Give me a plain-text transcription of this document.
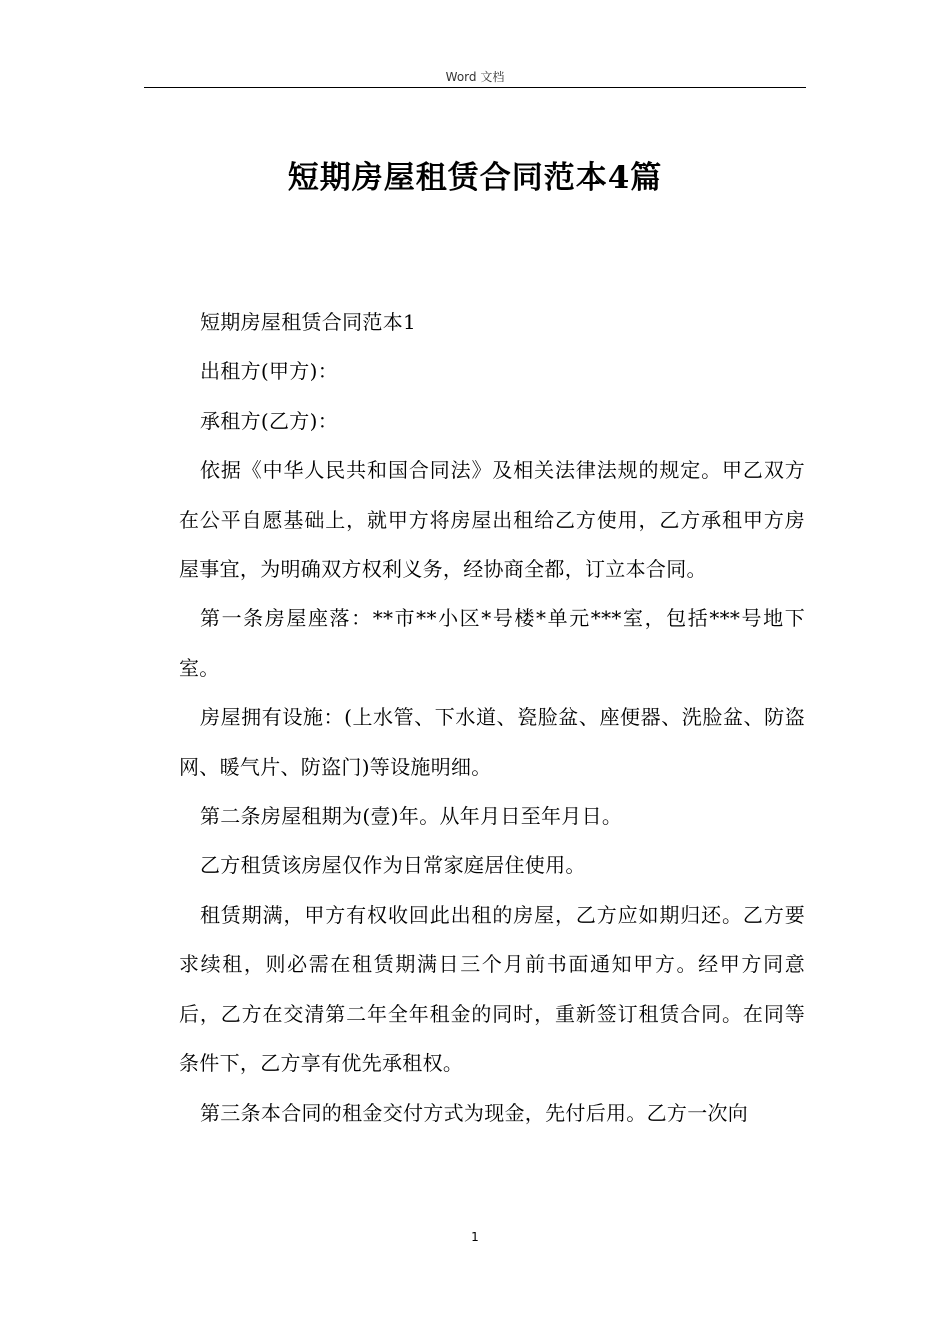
Word 文档
短期房屋租赁合同范本4篇

短期房屋租赁合同范本1

出租方(甲方)：

承租方(乙方)：

依据《中华人民共和国合同法》及相关法律法规的规定。甲乙双方在公平自愿基础上，就甲方将房屋出租给乙方使用，乙方承租甲方房屋事宜，为明确双方权利义务，经协商全都，订立本合同。

第一条房屋座落：**市**小区*号楼*单元***室，包括***号地下室。

房屋拥有设施：(上水管、下水道、瓷脸盆、座便器、洗脸盆、防盗网、暖气片、防盗门)等设施明细。

第二条房屋租期为(壹)年。从年月日至年月日。

乙方租赁该房屋仅作为日常家庭居住使用。

租赁期满，甲方有权收回此出租的房屋，乙方应如期归还。乙方要求续租，则必需在租赁期满日三个月前书面通知甲方。经甲方同意后，乙方在交清第二年全年租金的同时，重新签订租赁合同。在同等条件下，乙方享有优先承租权。

第三条本合同的租金交付方式为现金，先付后用。乙方一次向

1
